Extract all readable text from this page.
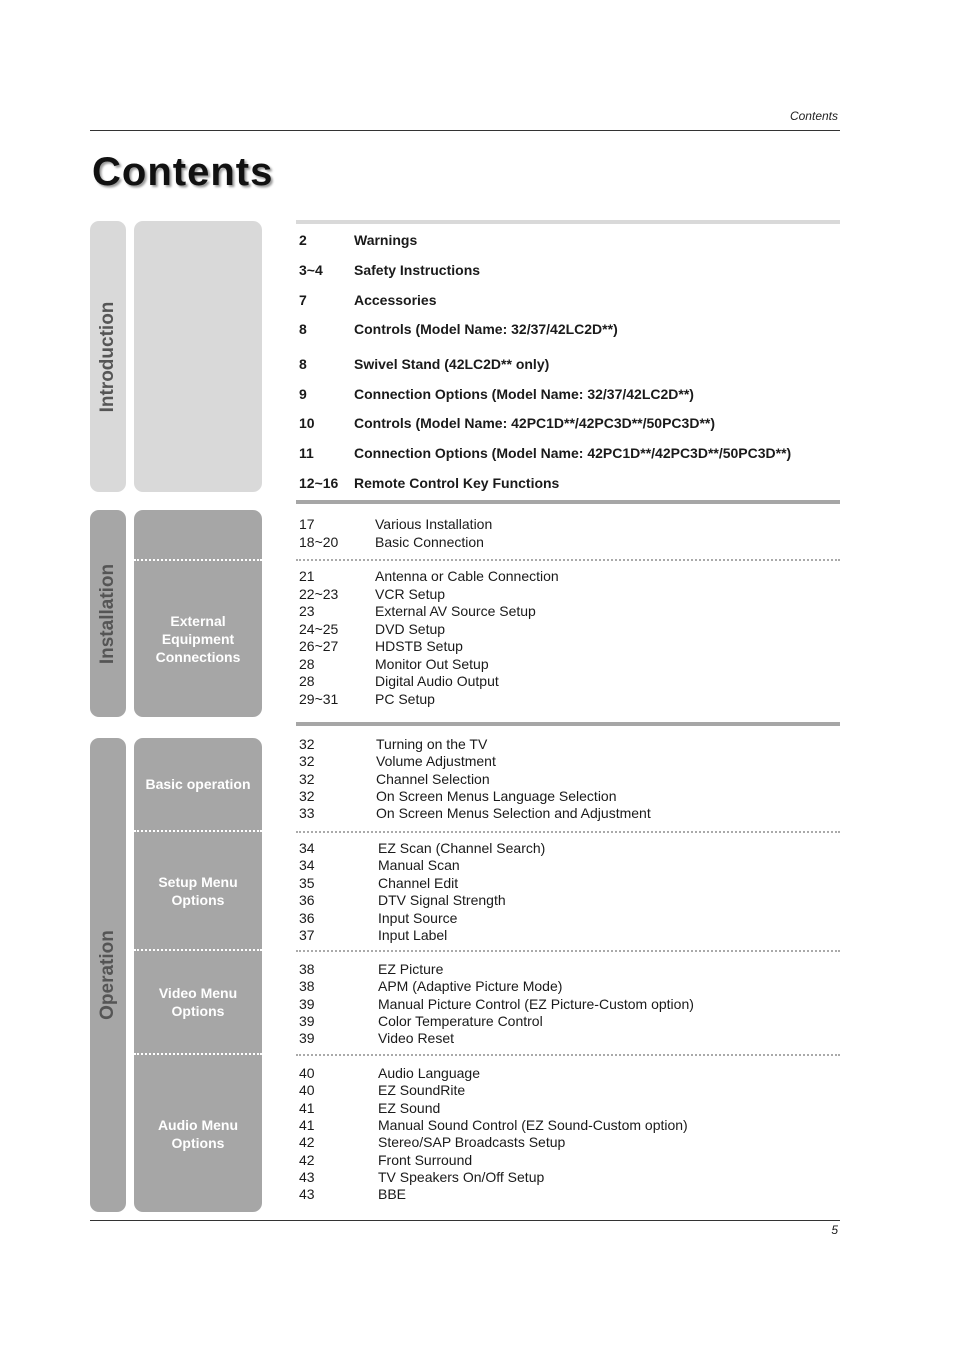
Contents
Contents
Introduction
2	Warnings
3~4 Safety Instructions
7	Accessories
8	Controls (Model Name: 32/37/42LC2D**)
8	Swivel Stand (42LC2D** only)
9	Connection Options (Model Name: 32/37/42LC2D**)
10	Controls (Model Name: 42PC1D**/42PC3D**/50PC3D**)
11	Connection Options (Model Name: 42PC1D**/42PC3D**/50PC3D**)
12~16 Remote Control Key Functions
Installation	External Equipment Connections
17	Various Installation
18~20	Basic Connection
21	Antenna or Cable Connection
22~23	VCR Setup
23	External AV Source Setup
24~25	DVD Setup
26~27	HDSTB Setup
28	Monitor Out Setup
28	Digital Audio Output
29~31	PC Setup
Operation
Basic operation
Setup Menu Options
Video Menu Options
Audio Menu Options
32	Turning on the TV
32	Volume Adjustment
32	Channel Selection
32	On Screen Menus Language Selection
33	On Screen Menus Selection and Adjustment
34	EZ Scan (Channel Search)
34	Manual Scan
35	Channel Edit
36	DTV Signal Strength
36	Input Source
37	Input Label
38	EZ Picture
38	APM (Adaptive Picture Mode)
39	Manual Picture Control (EZ Picture-Custom option)
39	Color Temperature Control
39	Video Reset
40	Audio Language
40	EZ SoundRite
41	EZ Sound
41	Manual Sound Control (EZ Sound-Custom option)
42	Stereo/SAP Broadcasts Setup
42	Front Surround
43	TV Speakers On/Off Setup
43	BBE
5
